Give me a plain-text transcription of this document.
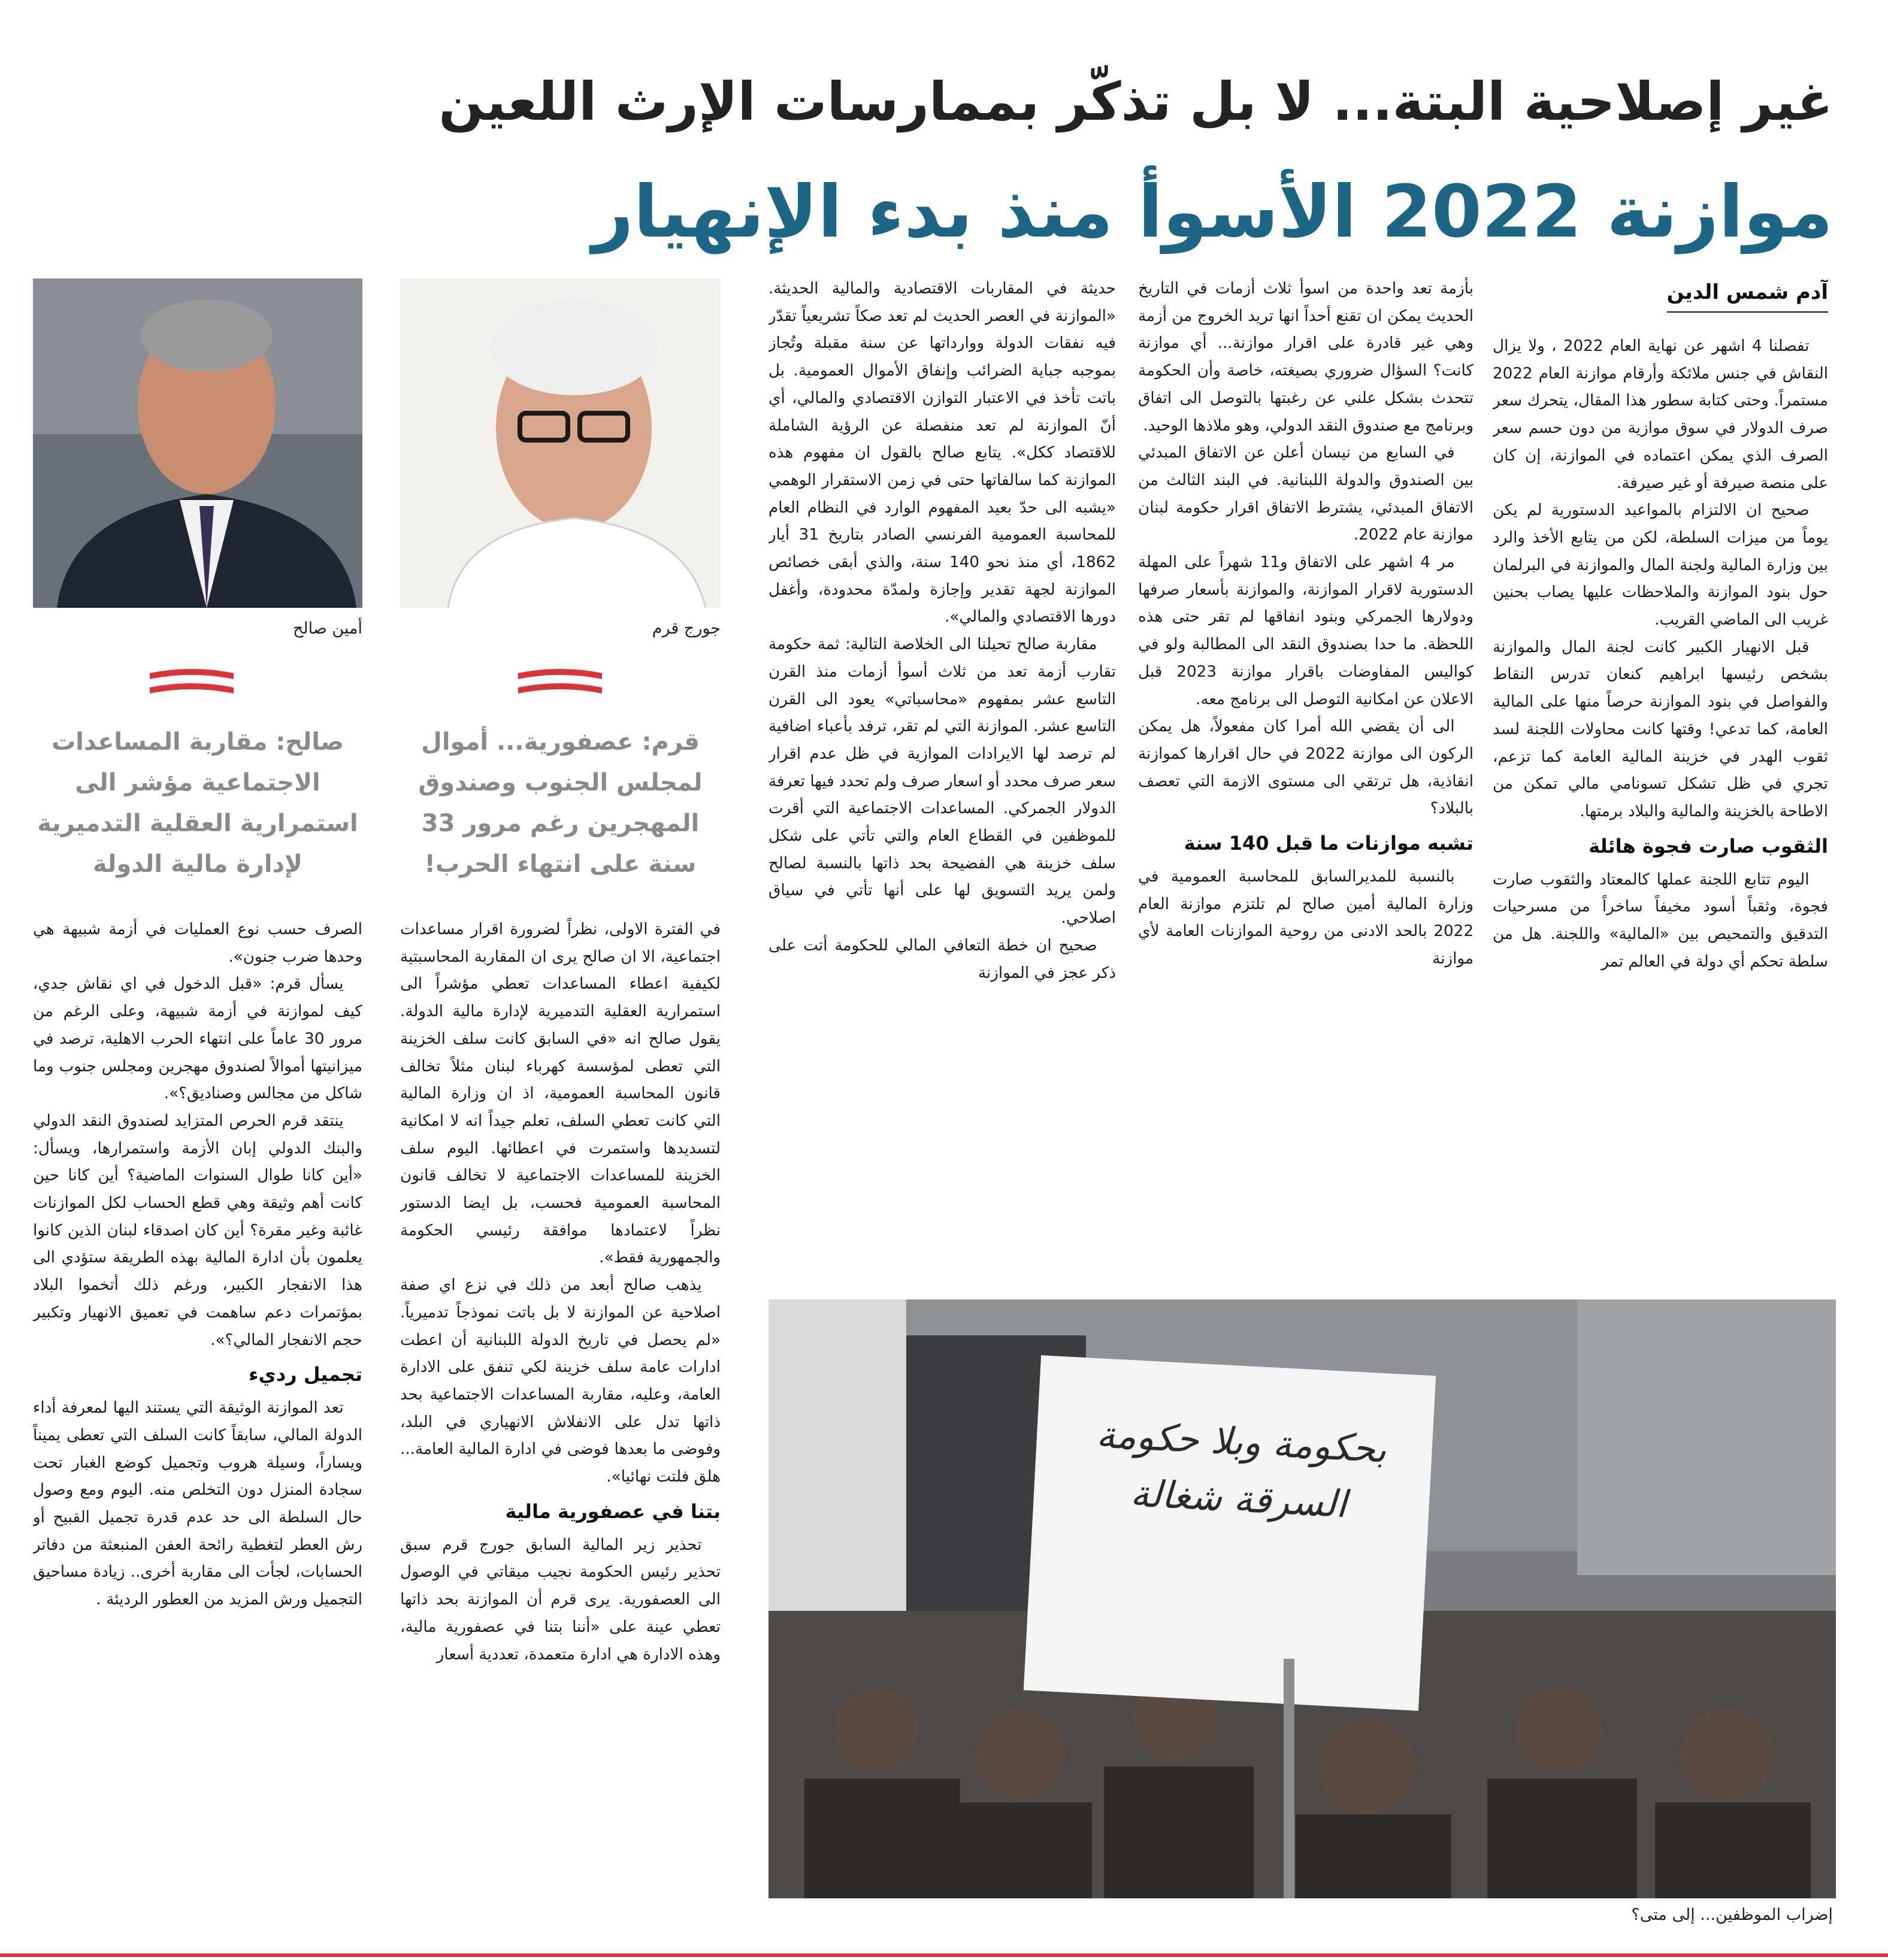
غير إصلاحية البتة... لا بل تذكّر بممارسات الإرث اللعين
موازنة 2022 الأسوأ منذ بدء الإنهيار
آدم شمس الدين

تفصلنا 4 اشهر عن نهاية العام 2022 ، ولا يزال النقاش في جنس ملائكة وأرقام موازنة العام 2022 مستمراً. وحتى كتابة سطور هذا المقال، يتحرك سعر صرف الدولار في سوق موازية من دون حسم سعر الصرف الذي يمكن اعتماده في الموازنة، إن كان على منصة صيرفة أو غير صيرفة.

صحيح ان الالتزام بالمواعيد الدستورية لم يكن يوماً من ميزات السلطة، لكن من يتابع الأخذ والرد بين وزارة المالية ولجنة المال والموازنة في البرلمان حول بنود الموازنة والملاحظات عليها يصاب بحنين غريب الى الماضي القريب.

قبل الانهيار الكبير كانت لجنة المال والموازنة بشخص رئيسها ابراهيم كنعان تدرس النقاط والفواصل في بنود الموازنة حرصاً منها على المالية العامة، كما تدعي! وقتها كانت محاولات اللجنة لسد ثقوب الهدر في خزينة المالية العامة كما تزعم، تجري في ظل تشكل تسونامي مالي تمكن من الاطاحة بالخزينة والمالية والبلاد برمتها.

الثقوب صارت فجوة هائلة

اليوم تتابع اللجنة عملها كالمعتاد والثقوب صارت فجوة، وثقباً أسود مخيفاً ساخراً من مسرحيات التدقيق والتمحيص بين «المالية» واللجنة. هل من سلطة تحكم أي دولة في العالم تمر

بأزمة تعد واحدة من اسوأ ثلاث أزمات في التاريخ الحديث يمكن ان تقنع أحداً انها تريد الخروج من أزمة وهي غير قادرة على اقرار موازنة... أي موازنة كانت؟ السؤال ضروري بصيغته، خاصة وأن الحكومة تتحدث بشكل علني عن رغبتها بالتوصل الى اتفاق وبرنامج مع صندوق النقد الدولي، وهو ملاذها الوحيد.

في السابع من نيسان أعلن عن الاتفاق المبدئي بين الصندوق والدولة اللبنانية. في البند الثالث من الاتفاق المبدئي، يشترط الاتفاق اقرار حكومة لبنان موازنة عام 2022.

مر 4 اشهر على الاتفاق و11 شهراً على المهلة الدستورية لاقرار الموازنة، والموازنة بأسعار صرفها ودولارها الجمركي وبنود انفاقها لم تقر حتى هذه اللحظة. ما حدا بصندوق النقد الى المطالبة ولو في كواليس المفاوضات باقرار موازنة 2023 قبل الاعلان عن امكانية التوصل الى برنامج معه.

الى أن يقضي الله أمرا كان مفعولاً، هل يمكن الركون الى موازنة 2022 في حال اقرارها كموازنة انقاذية، هل ترتقي الى مستوى الازمة التي تعصف بالبلاد؟

تشبه موازنات ما قبل 140 سنة

بالنسبة للمديرالسابق للمحاسبة العمومية في وزارة المالية أمين صالح لم تلتزم موازنة العام 2022 بالحد الادنى من روحية الموازنات العامة لأي موازنة

حديثة في المقاربات الاقتصادية والمالية الحديثة. «الموازنة في العصر الحديث لم تعد صكاً تشريعياً تقدّر فيه نفقات الدولة ووارداتها عن سنة مقبلة وتُجاز بموجبه جباية الضرائب وإنفاق الأموال العمومية. بل باتت تأخذ في الاعتبار التوازن الاقتصادي والمالي، أي أنّ الموازنة لم تعد منفصلة عن الرؤية الشاملة للاقتصاد ككل». يتابع صالح بالقول ان مفهوم هذه الموازنة كما سالفاتها حتى في زمن الاستقرار الوهمي «يشبه الى حدّ بعيد المفهوم الوارد في النظام العام للمحاسبة العمومية الفرنسي الصادر بتاريخ 31 أيار 1862، أي منذ نحو 140 سنة، والذي أبقى خصائص الموازنة لجهة تقدير وإجازة ولمدّة محدودة، وأغفل دورها الاقتصادي والمالي».

مقاربة صالح تحيلنا الى الخلاصة التالية: ثمة حكومة تقارب أزمة تعد من ثلاث أسوأ أزمات منذ القرن التاسع عشر بمفهوم «محاسباتي» يعود الى القرن التاسع عشر. الموازنة التي لم تقر، ترفد بأعباء اضافية لم ترصد لها الايرادات الموازية في ظل عدم اقرار سعر صرف محدد أو اسعار صرف ولم تحدد فيها تعرفة الدولار الجمركي. المساعدات الاجتماعية التي أقرت للموظفين في القطاع العام والتي تأتي على شكل سلف خزينة هي الفضيحة بحد ذاتها بالنسبة لصالح ولمن يريد التسويق لها على أنها تأتي في سياق اصلاحي.

صحيح ان خطة التعافي المالي للحكومة أتت على ذكر عجز في الموازنة

جورج قرم
أمين صالح
قرم: عصفورية... أموال لمجلس الجنوب وصندوق المهجرين رغم مرور 33 سنة على انتهاء الحرب!
صالح: مقاربة المساعدات الاجتماعية مؤشر الى استمرارية العقلية التدميرية لإدارة مالية الدولة

في الفترة الاولى، نظراً لضرورة اقرار مساعدات اجتماعية، الا ان صالح يرى ان المقاربة المحاسبتية لكيفية اعطاء المساعدات تعطي مؤشراً الى استمرارية العقلية التدميرية لإدارة مالية الدولة. يقول صالح انه «في السابق كانت سلف الخزينة التي تعطى لمؤسسة كهرباء لبنان مثلاً تخالف قانون المحاسبة العمومية، اذ ان وزارة المالية التي كانت تعطي السلف، تعلم جيداً انه لا امكانية لتسديدها واستمرت في اعطائها. اليوم سلف الخزينة للمساعدات الاجتماعية لا تخالف قانون المحاسبة العمومية فحسب، بل ايضا الدستور نظراً لاعتمادها موافقة رئيسي الحكومة والجمهورية فقط».

يذهب صالح أبعد من ذلك في نزع اي صفة اصلاحية عن الموازنة لا بل باتت نموذجاً تدميرياً. «لم يحصل في تاريخ الدولة اللبنانية أن اعطت ادارات عامة سلف خزينة لكي تنفق على الادارة العامة، وعليه، مقاربة المساعدات الاجتماعية بحد ذاتها تدل على الانفلاش الانهياري في البلد، وفوضى ما بعدها فوضى في ادارة المالية العامة... هلق فلتت نهائيا».

بتنا في عصفورية مالية

تحذير زير المالية السابق جورج قرم سبق تحذير رئيس الحكومة نجيب ميقاتي في الوصول الى العصفورية. يرى قرم أن الموازنة بحد ذاتها تعطي عينة على «أننا بتنا في عصفورية مالية، وهذه الادارة هي ادارة متعمدة، تعددية أسعار

الصرف حسب نوع العمليات في أزمة شبيهة هي وحدها ضرب جنون».

يسأل قرم: «قبل الدخول في اي نقاش جدي، كيف لموازنة في أزمة شبيهة، وعلى الرغم من مرور 30 عاماً على انتهاء الحرب الاهلية، ترصد في ميزانيتها أموالاً لصندوق مهجرين ومجلس جنوب وما شاكل من مجالس وصناديق؟».

ينتقد قرم الحرص المتزايد لصندوق النقد الدولي والبنك الدولي إبان الأزمة واستمرارها، ويسأل: «أين كانا طوال السنوات الماضية؟ أين كانا حين كانت أهم وثيقة وهي قطع الحساب لكل الموازنات غائبة وغير مقرة؟ أين كان اصدقاء لبنان الذين كانوا يعلمون بأن ادارة المالية بهذه الطريقة ستؤدي الى هذا الانفجار الكبير، ورغم ذلك أتخموا البلاد بمؤتمرات دعم ساهمت في تعميق الانهيار وتكبير حجم الانفجار المالي؟».

تجميل رديء

تعد الموازنة الوثيقة التي يستند اليها لمعرفة أداء الدولة المالي، سابقاً كانت السلف التي تعطى يميناً ويساراً، وسيلة هروب وتجميل كوضع الغبار تحت سجادة المنزل دون التخلص منه. اليوم ومع وصول حال السلطة الى حد عدم قدرة تجميل القبيح أو رش العطر لتغطية رائحة العفن المنبعثة من دفاتر الحسابات، لجأت الى مقاربة أخرى.. زيادة مساحيق التجميل ورش المزيد من العطور الرديئة .

بحكومة وبلا حكومة
السرقة شغالة
إضراب الموظفين... إلى متى؟
